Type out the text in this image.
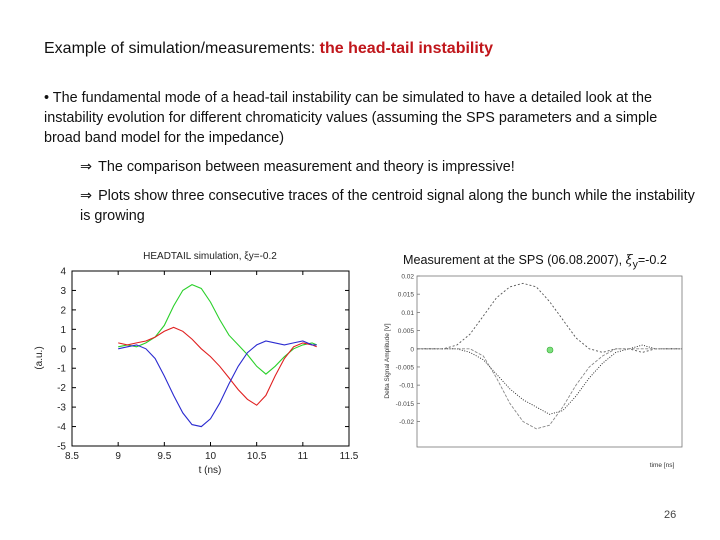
Example of simulation/measurements: the head-tail instability
• The fundamental mode of a head-tail instability can be simulated to have a detailed look at the instability evolution for different chromaticity values (assuming the SPS parameters and a simple broad band model for the impedance)
⇒ The comparison between measurement and theory is impressive!
⇒ Plots show three consecutive traces of the centroid signal along the bunch while the instability is growing
HEADTAIL simulation, ξy=-0.2
4
3
2
1
0
-1
-2
-3
-4
-5
8.5	9	9.5	10	10.5	11	11.5
(a.u.)
t (ns)
Measurement at the SPS (06.08.2007), $\xi_y=-0.2$
0.02
0.015
0.01
0.005
0
-0.005
-0.01
-0.015
-0.02
Delta Signal Amplitude [V]
time [ns]
26
